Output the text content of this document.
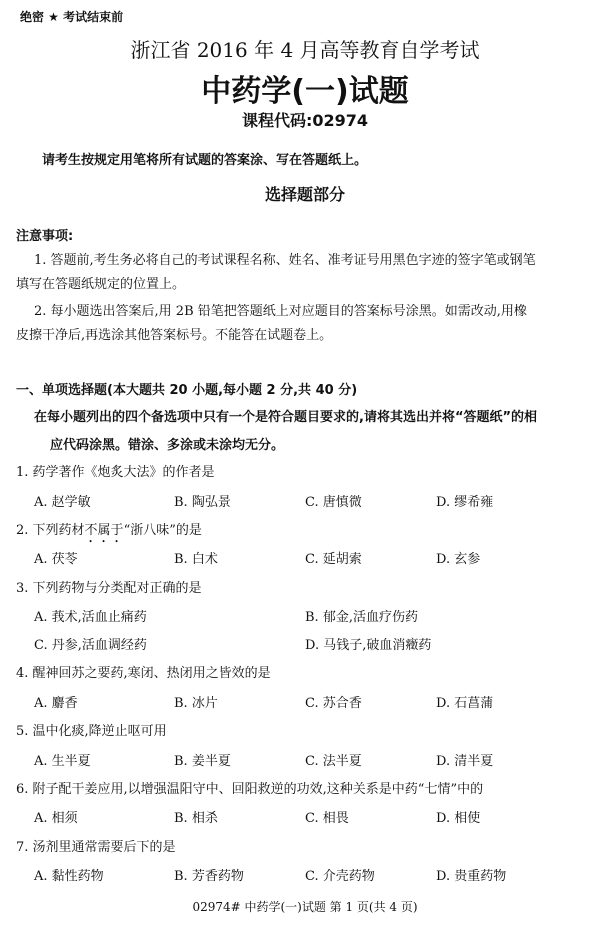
绝密 ★ 考试结束前
浙江省 2016 年 4 月高等教育自学考试
中药学(一)试题
课程代码:02974
请考生按规定用笔将所有试题的答案涂、写在答题纸上。
选择题部分
注意事项:
1. 答题前,考生务必将自己的考试课程名称、姓名、准考证号用黑色字迹的签字笔或钢笔
填写在答题纸规定的位置上。
2. 每小题选出答案后,用 2B 铅笔把答题纸上对应题目的答案标号涂黑。如需改动,用橡
皮擦干净后,再选涂其他答案标号。不能答在试题卷上。
一、单项选择题(本大题共 20 小题,每小题 2 分,共 40 分)
在每小题列出的四个备选项中只有一个是符合题目要求的,请将其选出并将“答题纸”的相
应代码涂黑。错涂、多涂或未涂均无分。
1. 药学著作《炮炙大法》的作者是
A. 赵学敏	B. 陶弘景	C. 唐慎微	D. 缪希雍
2. 下列药材不属于“浙八味”的是
A. 茯苓	B. 白术	C. 延胡索	D. 玄参
3. 下列药物与分类配对正确的是
A. 莪术,活血止痛药	B. 郁金,活血疗伤药
C. 丹参,活血调经药	D. 马钱子,破血消癥药
4. 醒神回苏之要药,寒闭、热闭用之皆效的是
A. 麝香	B. 冰片	C. 苏合香	D. 石菖蒲
5. 温中化痰,降逆止呕可用
A. 生半夏	B. 姜半夏	C. 法半夏	D. 清半夏
6. 附子配干姜应用,以增强温阳守中、回阳救逆的功效,这种关系是中药“七情”中的
A. 相须	B. 相杀	C. 相畏	D. 相使
7. 汤剂里通常需要后下的是
A. 黏性药物	B. 芳香药物	C. 介壳药物	D. 贵重药物
02974# 中药学(一)试题 第 1 页(共 4 页)
